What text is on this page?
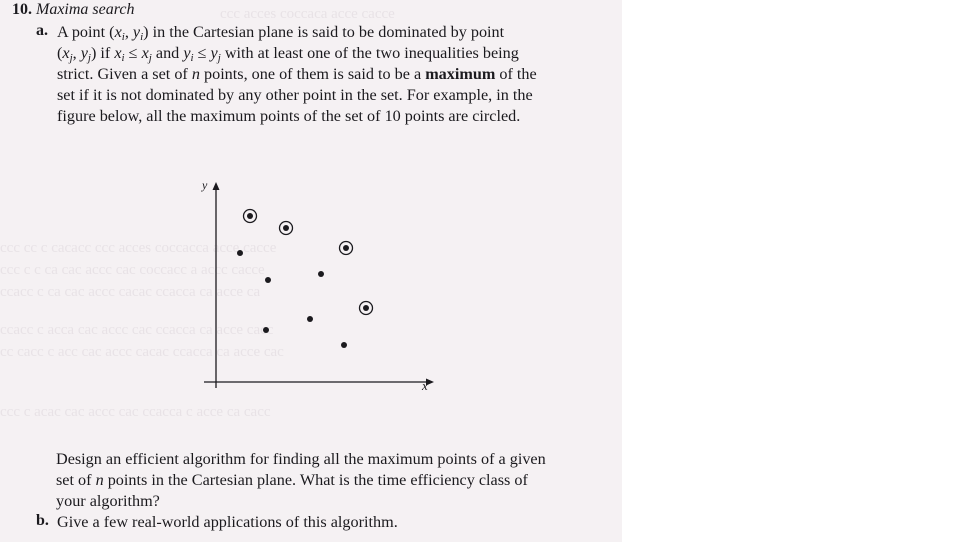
ccc acces coccaca acce cacce
ccc cc c cacacc ccc acces coccacca acce cacce
ccc c c ca cac accc cac coccacc a accc cacce
ccacc c ca cac accc cacac ccacca ca acce ca
ccacc c acca cac accc cac ccacca ca acce cacc
cc cacc c acc cac accc cacac ccacca ca acce cac
ccc c acac cac accc cac ccacca c acce ca cacc
10. Maxima search
a. A point ($x_i$, $y_i$) in the Cartesian plane is said to be dominated by point
($x_j$, $y_j$) if $x_i \le x_j$ and $y_i \le y_j$ with at least one of the two inequalities being
strict. Given a set of n points, one of them is said to be a maximum of the
set if it is not dominated by any other point in the set. For example, in the
figure below, all the maximum points of the set of 10 points are circled.
y
x
Design an efficient algorithm for finding all the maximum points of a given
set of n points in the Cartesian plane. What is the time efficiency class of
your algorithm?
b. Give a few real-world applications of this algorithm.
